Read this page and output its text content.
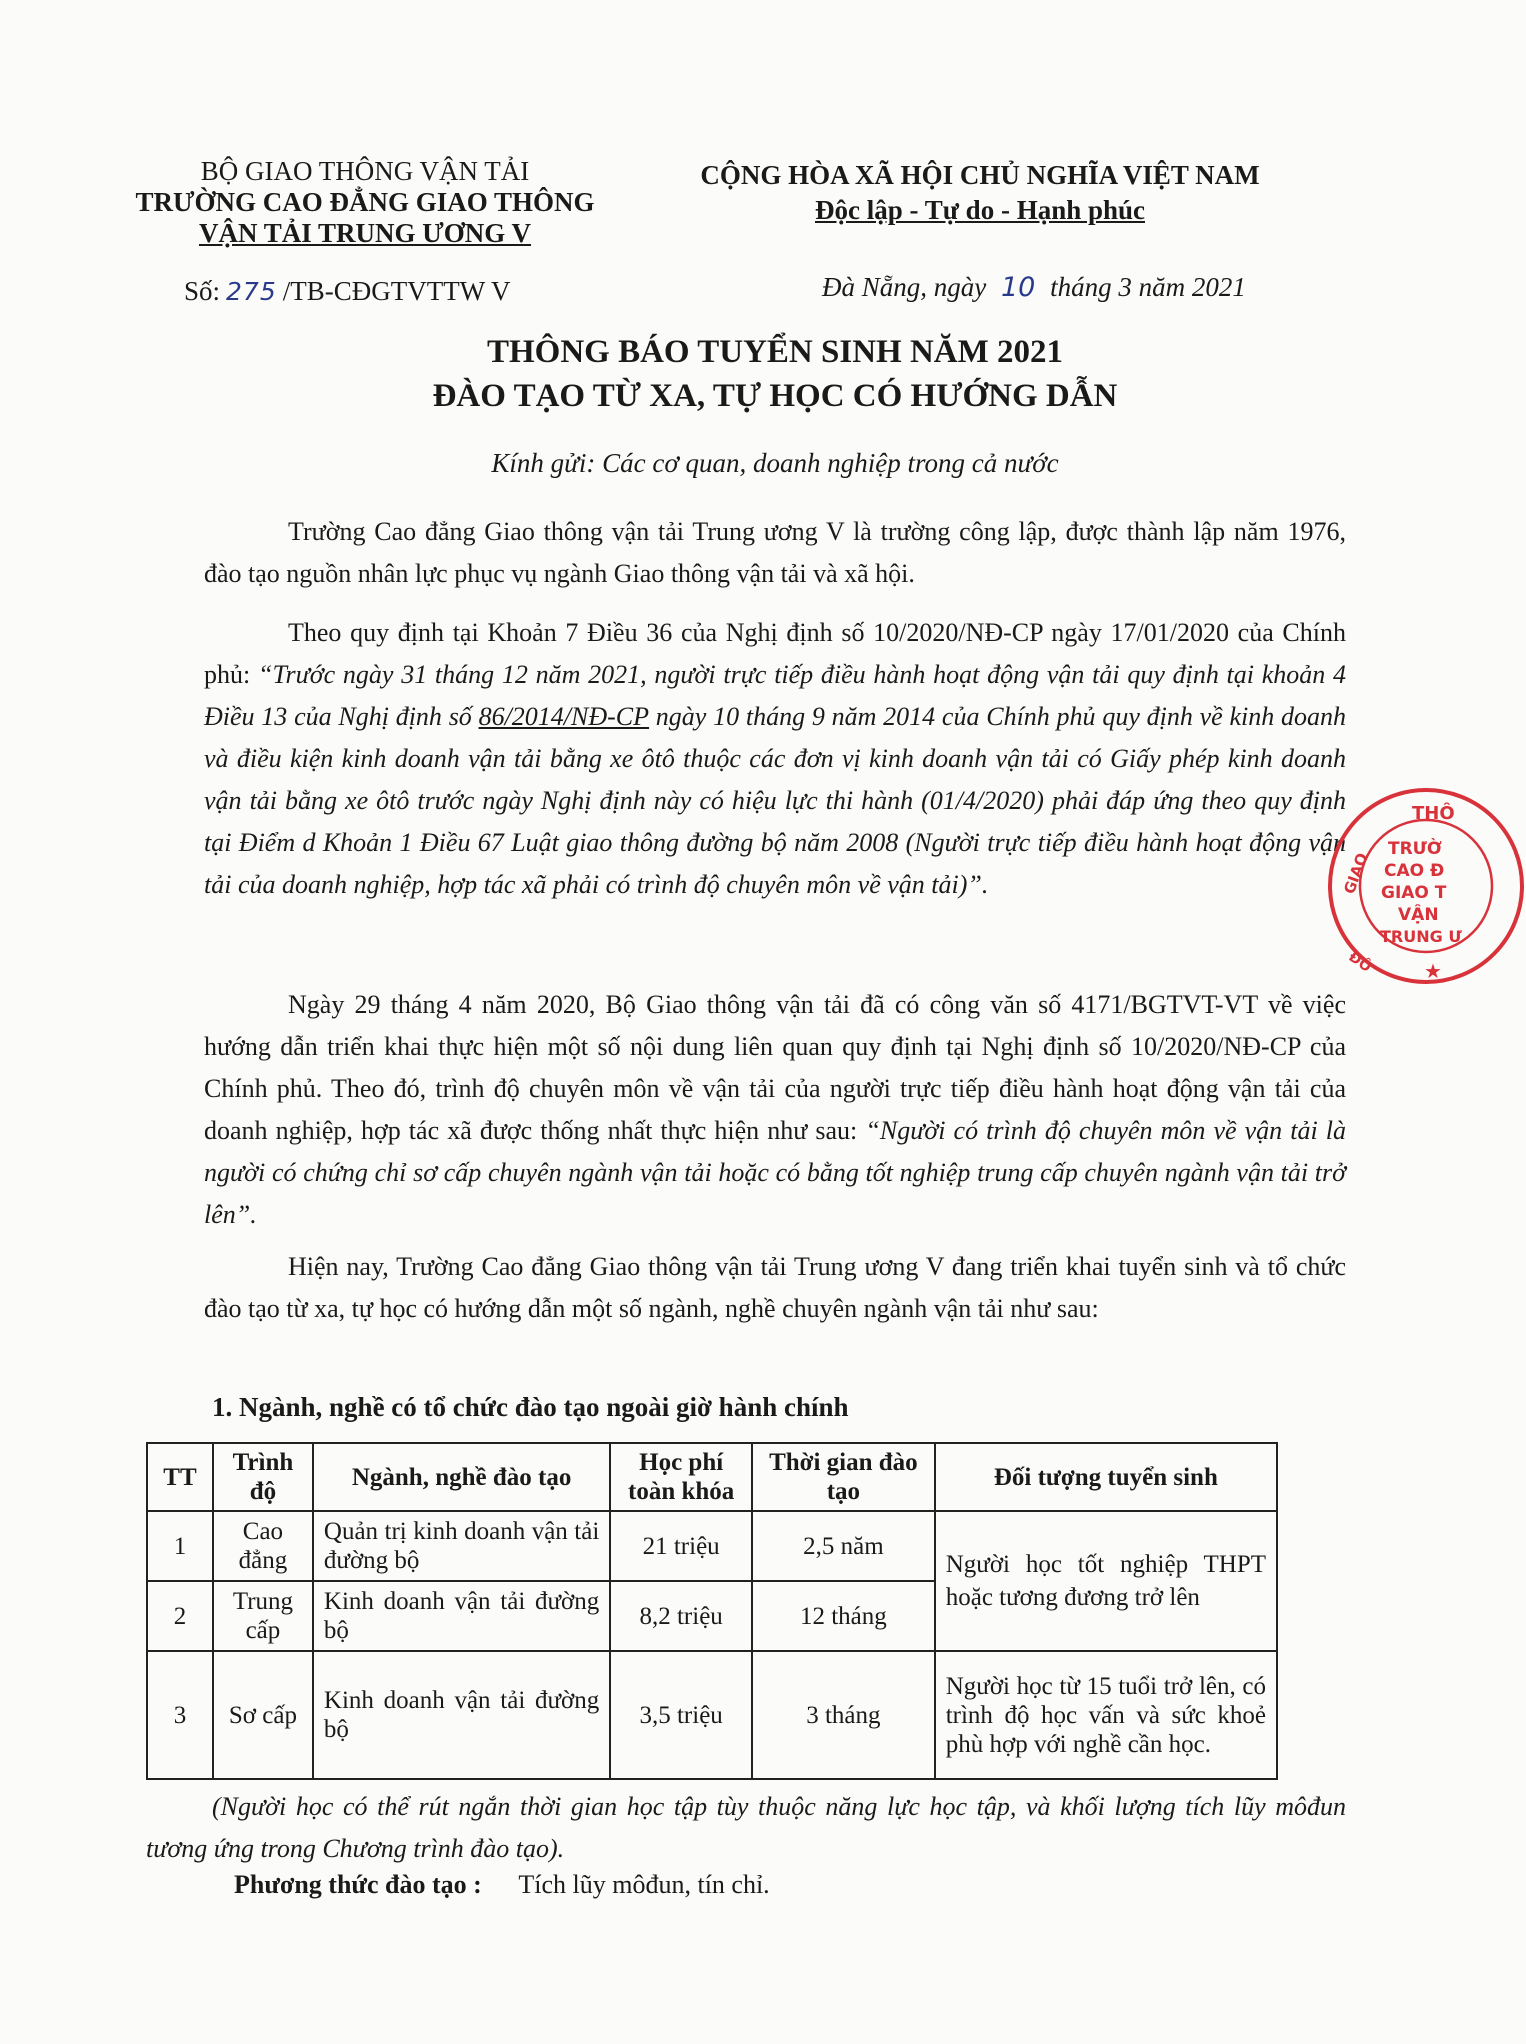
BỘ GIAO THÔNG VẬN TẢI
TRƯỜNG CAO ĐẲNG GIAO THÔNG
VẬN TẢI TRUNG ƯƠNG V
Số: 275 /TB-CĐGTVTTW V
CỘNG HÒA XÃ HỘI CHỦ NGHĨA VIỆT NAM
Độc lập - Tự do - Hạnh phúc
Đà Nẵng, ngày 10 tháng 3 năm 2021
THÔNG BÁO TUYỂN SINH NĂM 2021
ĐÀO TẠO TỪ XA, TỰ HỌC CÓ HƯỚNG DẪN
Kính gửi: Các cơ quan, doanh nghiệp trong cả nước
Trường Cao đẳng Giao thông vận tải Trung ương V là trường công lập, được thành lập năm 1976, đào tạo nguồn nhân lực phục vụ ngành Giao thông vận tải và xã hội.
Theo quy định tại Khoản 7 Điều 36 của Nghị định số 10/2020/NĐ-CP ngày 17/01/2020 của Chính phủ: “Trước ngày 31 tháng 12 năm 2021, người trực tiếp điều hành hoạt động vận tải quy định tại khoản 4 Điều 13 của Nghị định số 86/2014/NĐ-CP ngày 10 tháng 9 năm 2014 của Chính phủ quy định về kinh doanh và điều kiện kinh doanh vận tải bằng xe ôtô thuộc các đơn vị kinh doanh vận tải có Giấy phép kinh doanh vận tải bằng xe ôtô trước ngày Nghị định này có hiệu lực thi hành (01/4/2020) phải đáp ứng theo quy định tại Điểm d Khoản 1 Điều 67 Luật giao thông đường bộ năm 2008 (Người trực tiếp điều hành hoạt động vận tải của doanh nghiệp, hợp tác xã phải có trình độ chuyên môn về vận tải)”.
Ngày 29 tháng 4 năm 2020, Bộ Giao thông vận tải đã có công văn số 4171/BGTVT-VT về việc hướng dẫn triển khai thực hiện một số nội dung liên quan quy định tại Nghị định số 10/2020/NĐ-CP của Chính phủ. Theo đó, trình độ chuyên môn về vận tải của người trực tiếp điều hành hoạt động vận tải của doanh nghiệp, hợp tác xã được thống nhất thực hiện như sau: “Người có trình độ chuyên môn về vận tải là người có chứng chỉ sơ cấp chuyên ngành vận tải hoặc có bằng tốt nghiệp trung cấp chuyên ngành vận tải trở lên”.
Hiện nay, Trường Cao đẳng Giao thông vận tải Trung ương V đang triển khai tuyển sinh và tổ chức đào tạo từ xa, tự học có hướng dẫn một số ngành, nghề chuyên ngành vận tải như sau:
1. Ngành, nghề có tổ chức đào tạo ngoài giờ hành chính
TT	Trình độ	Ngành, nghề đào tạo	Học phí toàn khóa	Thời gian đào tạo	Đối tượng tuyển sinh
1	Cao đẳng	Quản trị kinh doanh vận tải đường bộ	21 triệu	2,5 năm	Người học tốt nghiệp THPT hoặc tương đương trở lên
2	Trung cấp	Kinh doanh vận tải đường bộ	8,2 triệu	12 tháng	
3	Sơ cấp	Kinh doanh vận tải đường bộ	3,5 triệu	3 tháng	Người học từ 15 tuổi trở lên, có trình độ học vấn và sức khoẻ phù hợp với nghề cần học.
(Người học có thể rút ngắn thời gian học tập tùy thuộc năng lực học tập, và khối lượng tích lũy môđun tương ứng trong Chương trình đào tạo).
Phương thức đào tạo : Tích lũy môđun, tín chỉ.
THÔ
TRƯỜ
CAO Đ
GIAO T
VẬN
TRUNG Ư
GIAO
ĐÔ	★
